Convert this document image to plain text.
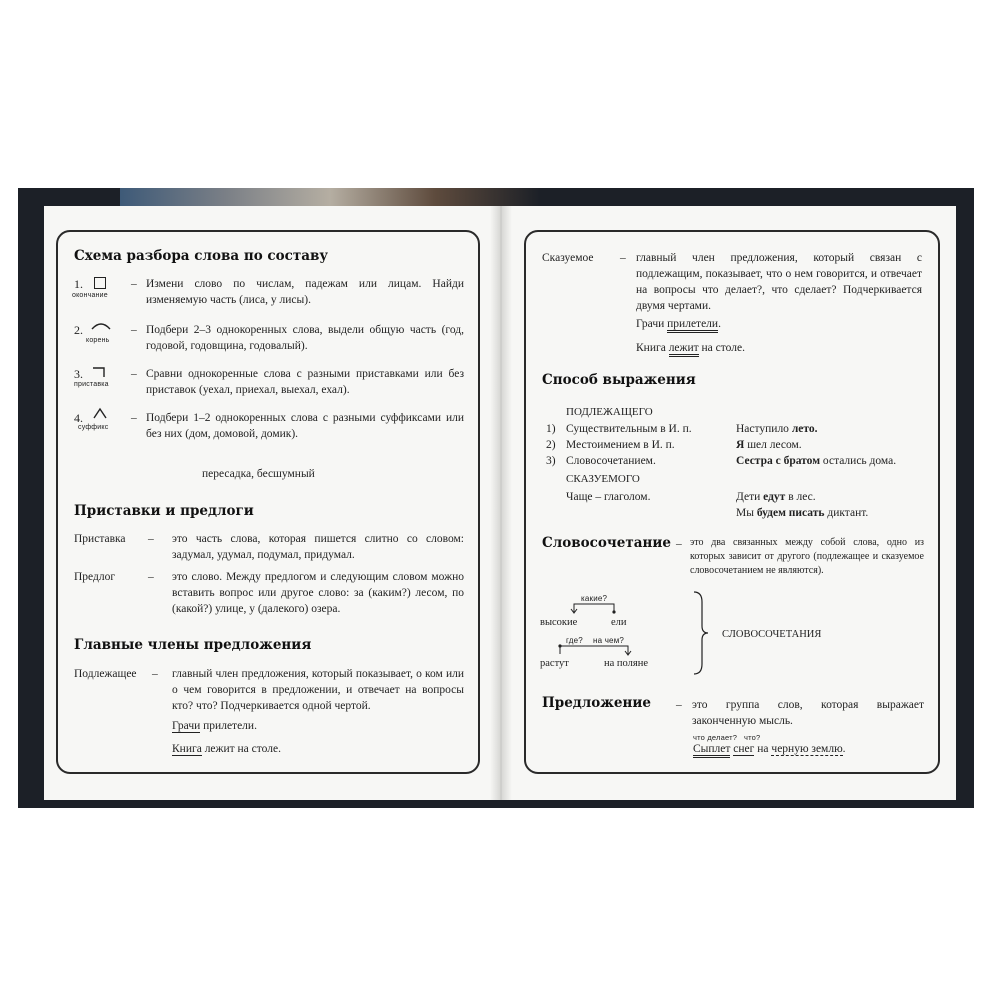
Схема разбора слова по составу
1.
окончание
– Измени слово по числам, падежам или лицам. Найди изменяемую часть (лиса, у лисы).
2.
корень
– Подбери 2–3 однокоренных слова, выдели общую часть (год, годовой, годовщина, годовалый).
3.
приставка
– Сравни однокоренные слова с разными приставками или без приставок (уехал, приехал, выехал, ехал).
4.
суффикс
– Подбери 1–2 однокоренных слова с разными суффиксами или без них (дом, домовой, домик).
пересадка, бесшумный
Приставки и предлоги
Приставка – это часть слова, которая пишется слитно со словом: задумал, удумал, подумал, придумал.
Предлог	– это слово. Между предлогом и следующим словом можно вставить вопрос или другое слово: за (каким?) лесом, по (какой?) улице, у (далекого) озера.
Главные члены предложения
Подлежащее – главный член предложения, который показывает, о ком или о чем говорится в предложении, и отвечает на вопросы кто? что? Подчеркивается одной чертой.
Грачи прилетели.
Книга лежит на столе.
Сказуемое – главный член предложения, который связан с подлежащим, показывает, что о нем говорится, и отвечает на вопросы что делает?, что сделает? Подчеркивается двумя чертами.
Грачи прилетели.
Книга лежит на столе.
Способ выражения
ПОДЛЕЖАЩЕГО
1) Существительным в И. п.	Наступило лето.
2) Местоимением в И. п.	Я шел лесом.
3) Словосочетанием.	Сестра с братом остались дома.
СКАЗУЕМОГО
Чаще – глаголом.	Дети едут в лес.
Мы будем писать диктант.
Словосочетание – это два связанных между собой слова, одно из которых зависит от другого (подлежащее и сказуемое словосочетанием не являются).
какие?
высокие	ели
где? на чем?
растут	на поляне
СЛОВОСОЧЕТАНИЯ
Предложение – это группа слов, которая выражает законченную мысль.
что делает? что?
Сыплет снег на черную землю.
